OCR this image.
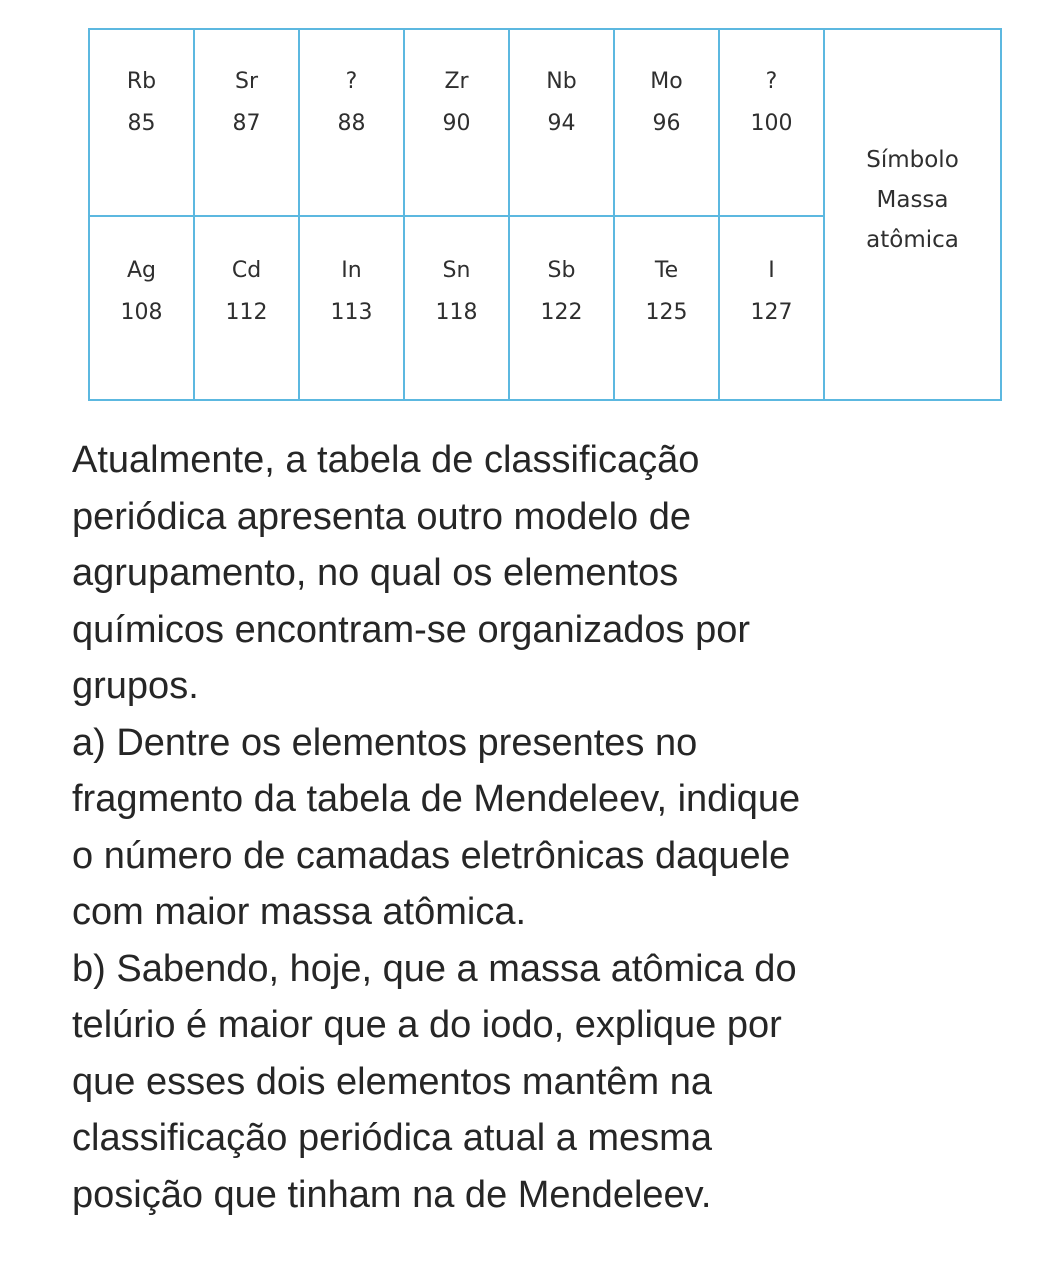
Rb
85
Sr
87
?
88
Zr
90
Nb
94
Mo
96
?
100
Ag
108
Cd
112
In
113
Sn
118
Sb
122
Te
125
I
127
Símbolo
Massa
atômica

Atualmente, a tabela de classificação

periódica apresenta outro modelo de

agrupamento, no qual os elementos

químicos encontram-se organizados por

grupos.

a) Dentre os elementos presentes no

fragmento da tabela de Mendeleev, indique

o número de camadas eletrônicas daquele

com maior massa atômica.

b) Sabendo, hoje, que a massa atômica do

telúrio é maior que a do iodo, explique por

que esses dois elementos mantêm na

classificação periódica atual a mesma

posição que tinham na de Mendeleev.
